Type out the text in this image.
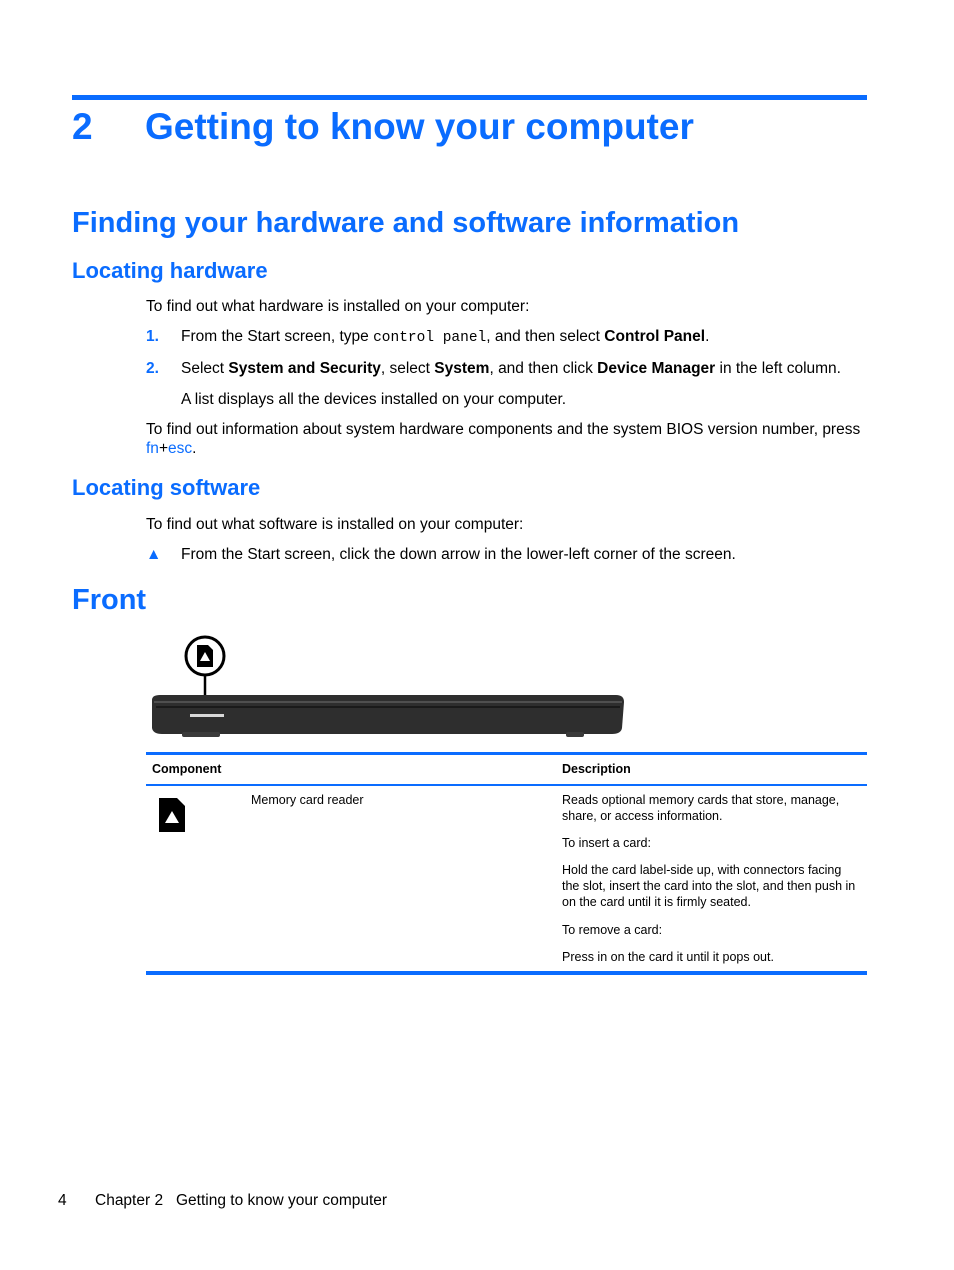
2 Getting to know your computer
Finding your hardware and software information
Locating hardware
To find out what hardware is installed on your computer:
1. From the Start screen, type control panel, and then select Control Panel.
2. Select System and Security, select System, and then click Device Manager in the left column.
A list displays all the devices installed on your computer.
To find out information about system hardware components and the system BIOS version number, press fn+esc.
Locating software
To find out what software is installed on your computer:
▲ From the Start screen, click the down arrow in the lower-left corner of the screen.
Front
Component	Description
Memory card reader	Reads optional memory cards that store, manage, share, or access information.
To insert a card:
Hold the card label-side up, with connectors facing the slot, insert the card into the slot, and then push in on the card until it is firmly seated.
To remove a card:
Press in on the card it until it pops out.
4 Chapter 2   Getting to know your computer
